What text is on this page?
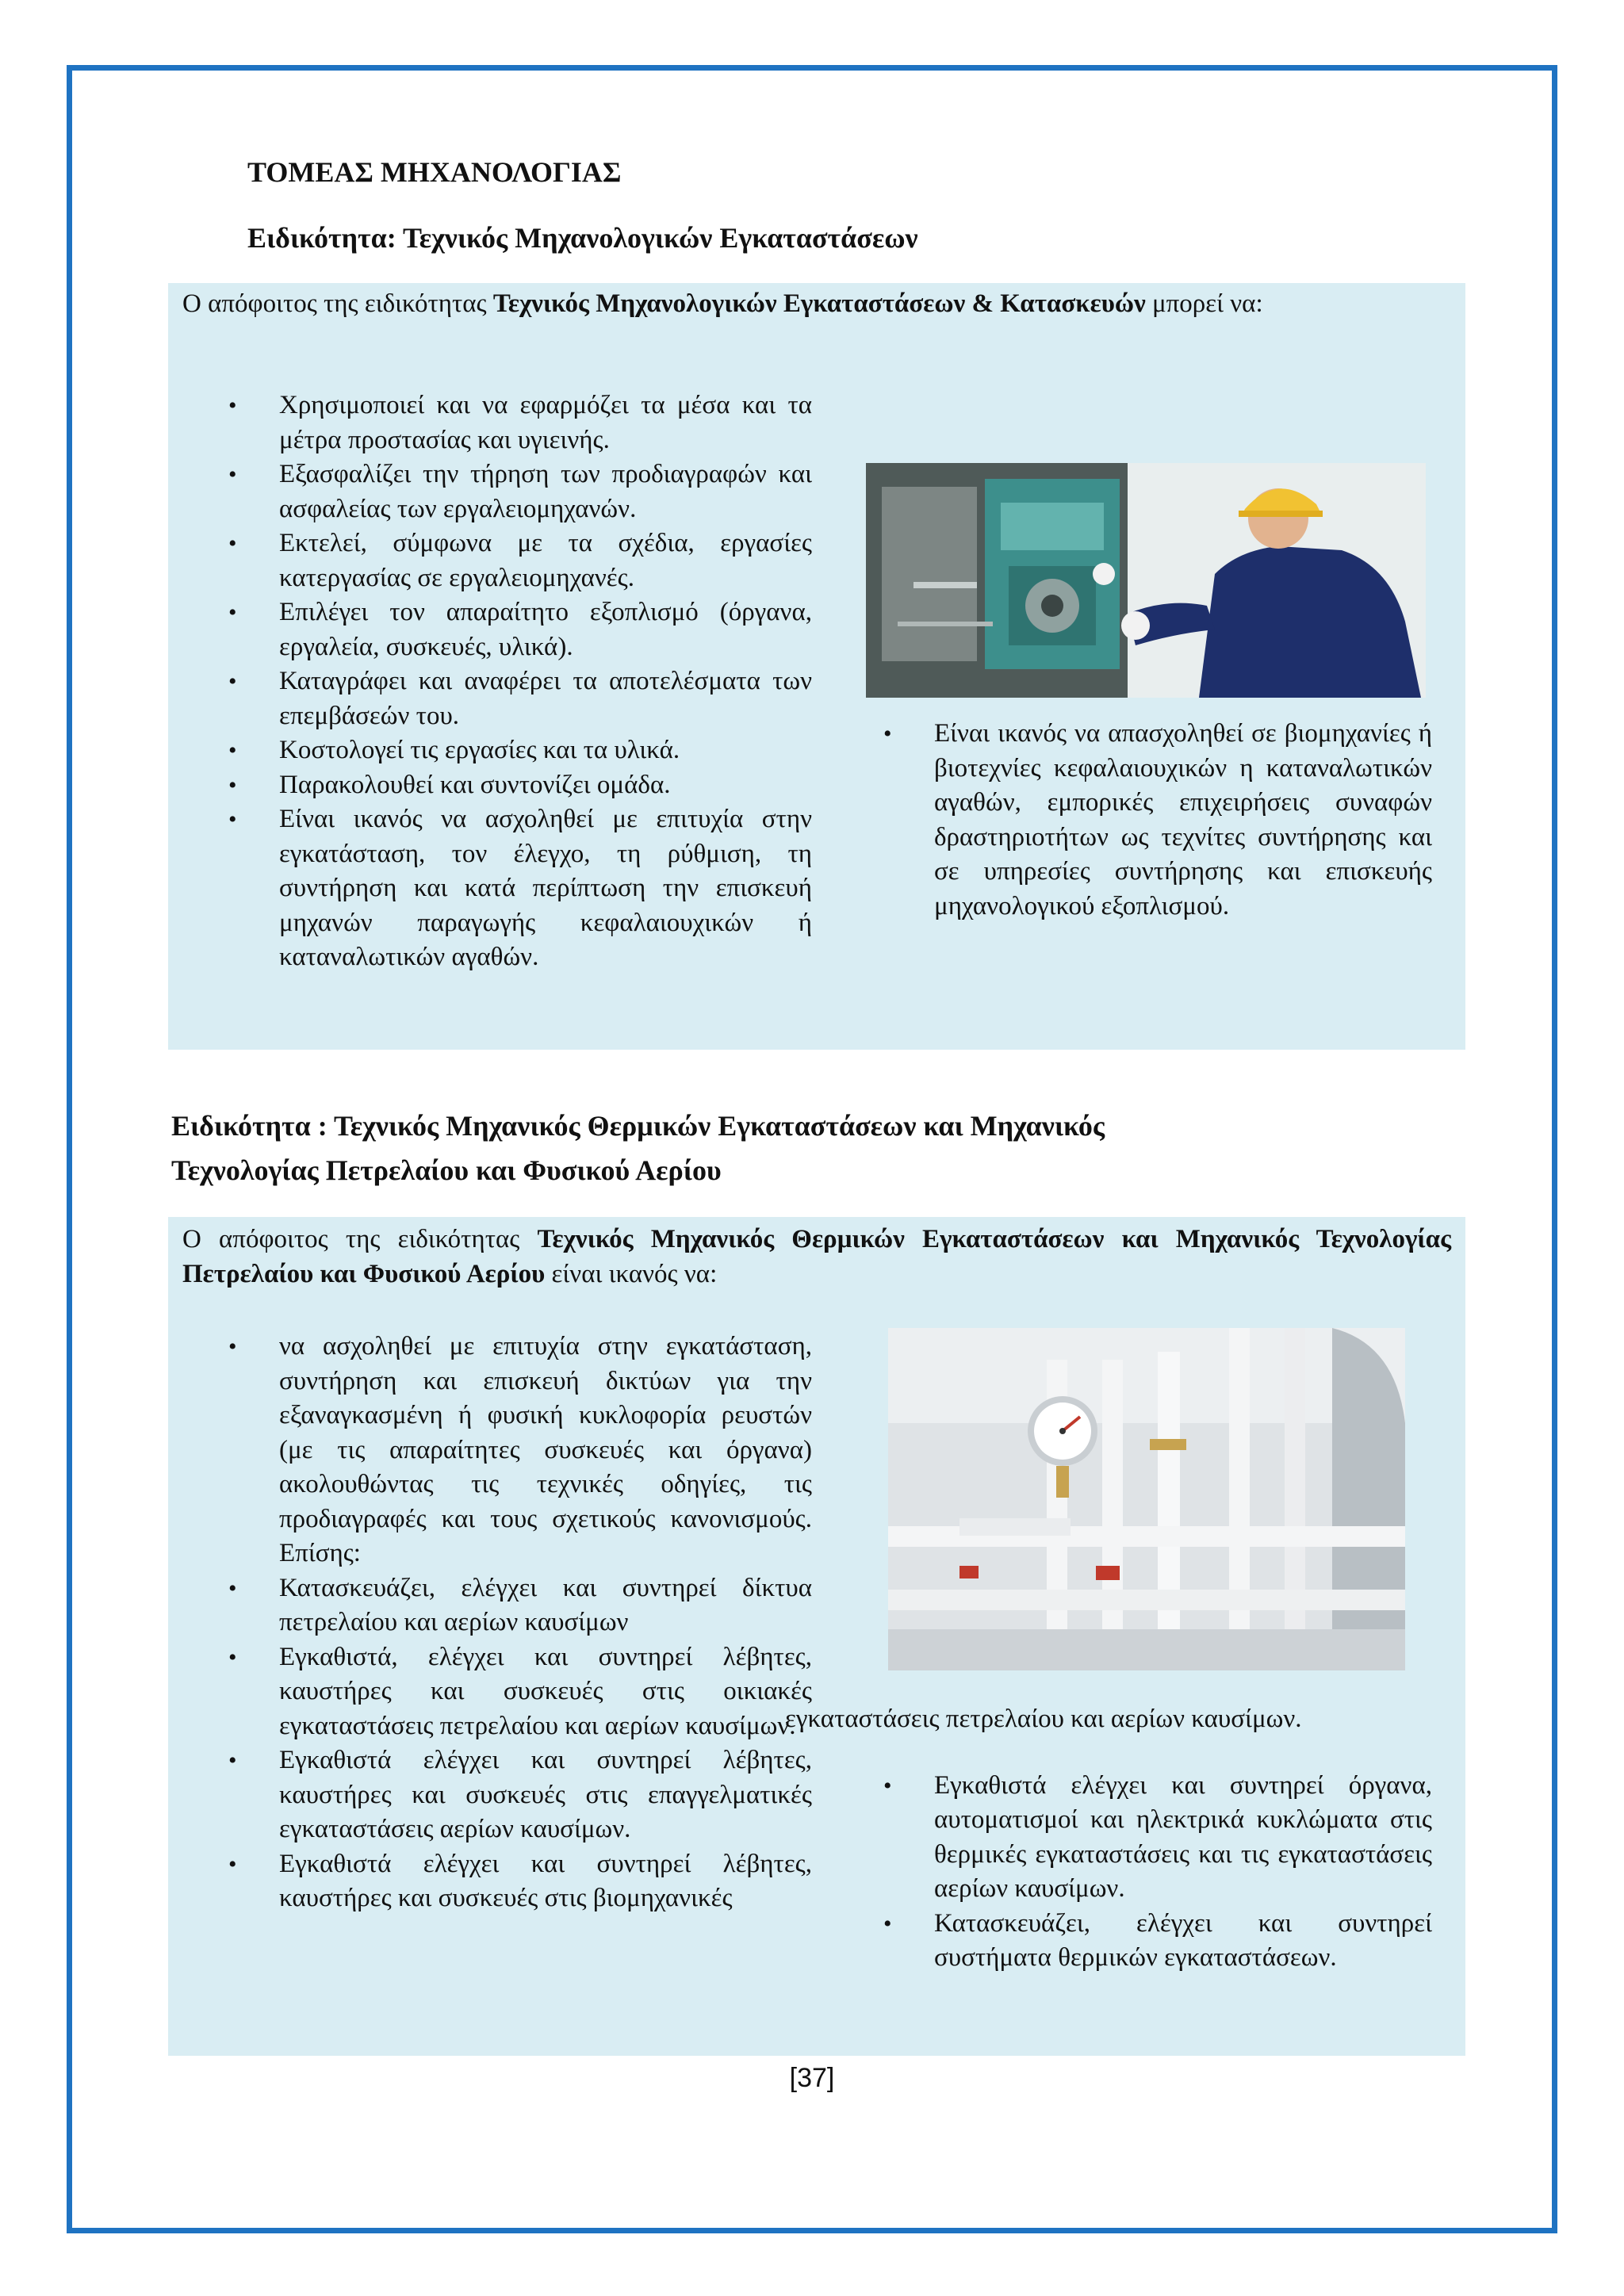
ΤΟΜΕΑΣ ΜΗΧΑΝΟΛΟΓΙΑΣ
Ειδικότητα: Τεχνικός Μηχανολογικών Εγκαταστάσεων

Ο απόφοιτος της ειδικότητας Τεχνικός Μηχανολογικών Εγκαταστάσεων & Κατασκευών μπορεί να:

• Χρησιμοποιεί και να εφαρμόζει τα μέσα και τα μέτρα προστασίας και υγιεινής.
• Εξασφαλίζει την τήρηση των προδιαγραφών και ασφαλείας των εργαλειομηχανών.
• Εκτελεί, σύμφωνα με τα σχέδια, εργασίες κατεργασίας σε εργαλειομηχανές.
• Επιλέγει τον απαραίτητο εξοπλισμό (όργανα, εργαλεία, συσκευές, υλικά).
• Καταγράφει και αναφέρει τα αποτελέσματα των επεμβάσεών του.
• Κοστολογεί τις εργασίες και τα υλικά.
• Παρακολουθεί και συντονίζει ομάδα.
• Είναι ικανός να ασχοληθεί με επιτυχία στην εγκατάσταση, τον έλεγχο, τη ρύθμιση, τη συντήρηση και κατά περίπτωση την επισκευή μηχανών παραγωγής κεφαλαιουχικών ή καταναλωτικών αγαθών.
• Είναι ικανός να απασχοληθεί σε βιομηχανίες ή βιοτεχνίες κεφαλαιουχικών η καταναλωτικών αγαθών, εμπορικές επιχειρήσεις συναφών δραστηριοτήτων ως τεχνίτες συντήρησης και σε υπηρεσίες συντήρησης και επισκευής μηχανολογικού εξοπλισμού.
Ειδικότητα : Τεχνικός Μηχανικός Θερμικών Εγκαταστάσεων και Μηχανικός
Τεχνολογίας Πετρελαίου και Φυσικού Αερίου

Ο απόφοιτος της ειδικότητας Τεχνικός Μηχανικός Θερμικών Εγκαταστάσεων και Μηχανικός Τεχνολογίας Πετρελαίου και Φυσικού Αερίου είναι ικανός να:

• να ασχοληθεί με επιτυχία στην εγκατάσταση, συντήρηση και επισκευή δικτύων για την εξαναγκασμένη ή φυσική κυκλοφορία ρευστών (με τις απαραίτητες συσκευές και όργανα) ακολουθώντας τις τεχνικές οδηγίες, τις προδιαγραφές και τους σχετικούς κανονισμούς. Επίσης:
• Κατασκευάζει, ελέγχει και συντηρεί δίκτυα πετρελαίου και αερίων καυσίμων
• Εγκαθιστά, ελέγχει και συντηρεί λέβητες, καυστήρες και συσκευές στις οικιακές εγκαταστάσεις πετρελαίου και αερίων καυσίμων.
• Εγκαθιστά ελέγχει και συντηρεί λέβητες, καυστήρες και συσκευές στις επαγγελματικές εγκαταστάσεις αερίων καυσίμων.
• Εγκαθιστά ελέγχει και συντηρεί λέβητες, καυστήρες και συσκευές στις βιομηχανικές
εγκαταστάσεις πετρελαίου και αερίων καυσίμων.
• Εγκαθιστά ελέγχει και συντηρεί όργανα, αυτοματισμοί και ηλεκτρικά κυκλώματα στις θερμικές εγκαταστάσεις και τις εγκαταστάσεις αερίων καυσίμων.
• Κατασκευάζει, ελέγχει και συντηρεί συστήματα θερμικών εγκαταστάσεων.
[37]
